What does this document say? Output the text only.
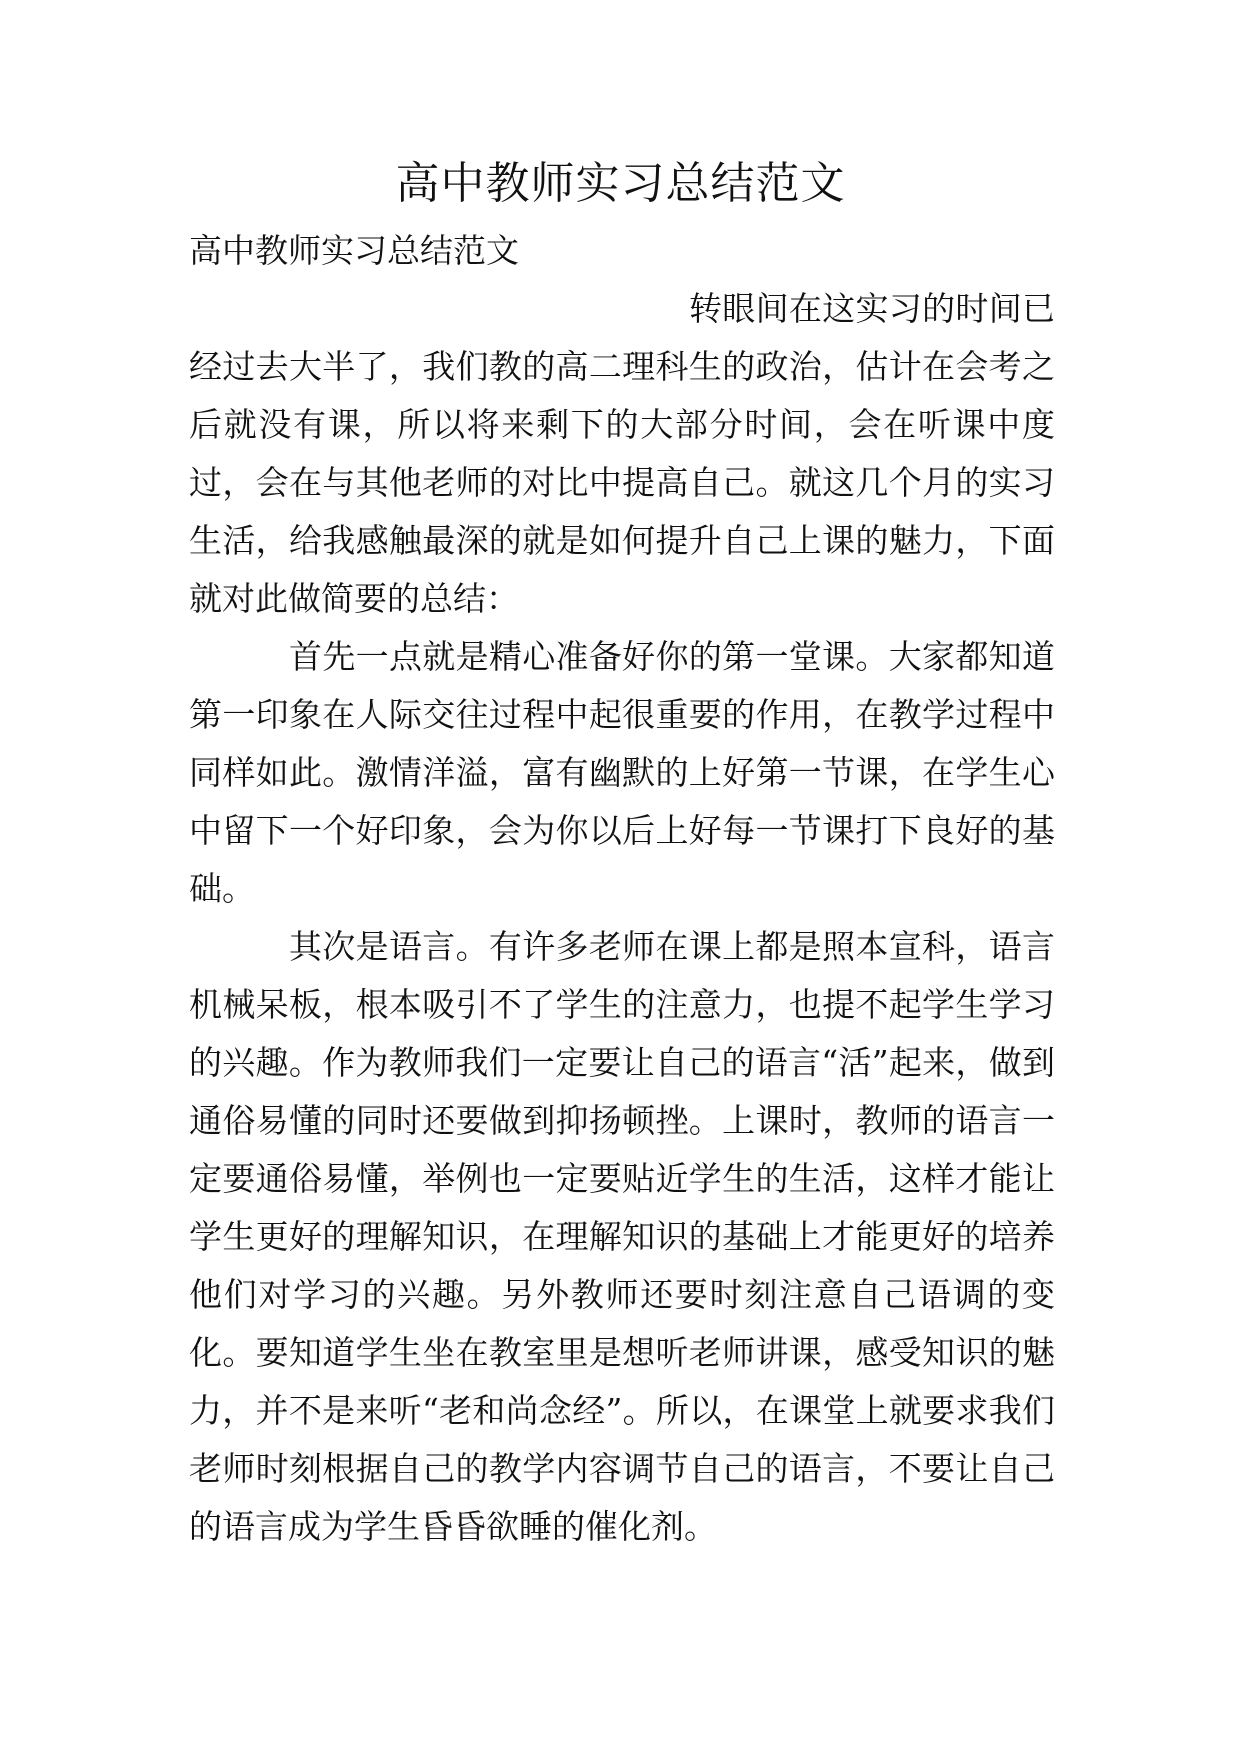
高中教师实习总结范文

高中教师实习总结范文

转眼间在这实习的时间已经过去大半了，我们教的高二理科生的政治，估计在会考之后就没有课，所以将来剩下的大部分时间，会在听课中度过，会在与其他老师的对比中提高自己。就这几个月的实习生活，给我感触最深的就是如何提升自己上课的魅力，下面就对此做简要的总结：

首先一点就是精心准备好你的第一堂课。大家都知道第一印象在人际交往过程中起很重要的作用，在教学过程中同样如此。激情洋溢，富有幽默的上好第一节课，在学生心中留下一个好印象，会为你以后上好每一节课打下良好的基础。

其次是语言。有许多老师在课上都是照本宣科，语言机械呆板，根本吸引不了学生的注意力，也提不起学生学习的兴趣。作为教师我们一定要让自己的语言“活”起来，做到通俗易懂的同时还要做到抑扬顿挫。上课时，教师的语言一定要通俗易懂，举例也一定要贴近学生的生活，这样才能让学生更好的理解知识，在理解知识的基础上才能更好的培养他们对学习的兴趣。另外教师还要时刻注意自己语调的变化。要知道学生坐在教室里是想听老师讲课，感受知识的魅力，并不是来听“老和尚念经”。所以，在课堂上就要求我们老师时刻根据自己的教学内容调节自己的语言，不要让自己的语言成为学生昏昏欲睡的催化剂。
